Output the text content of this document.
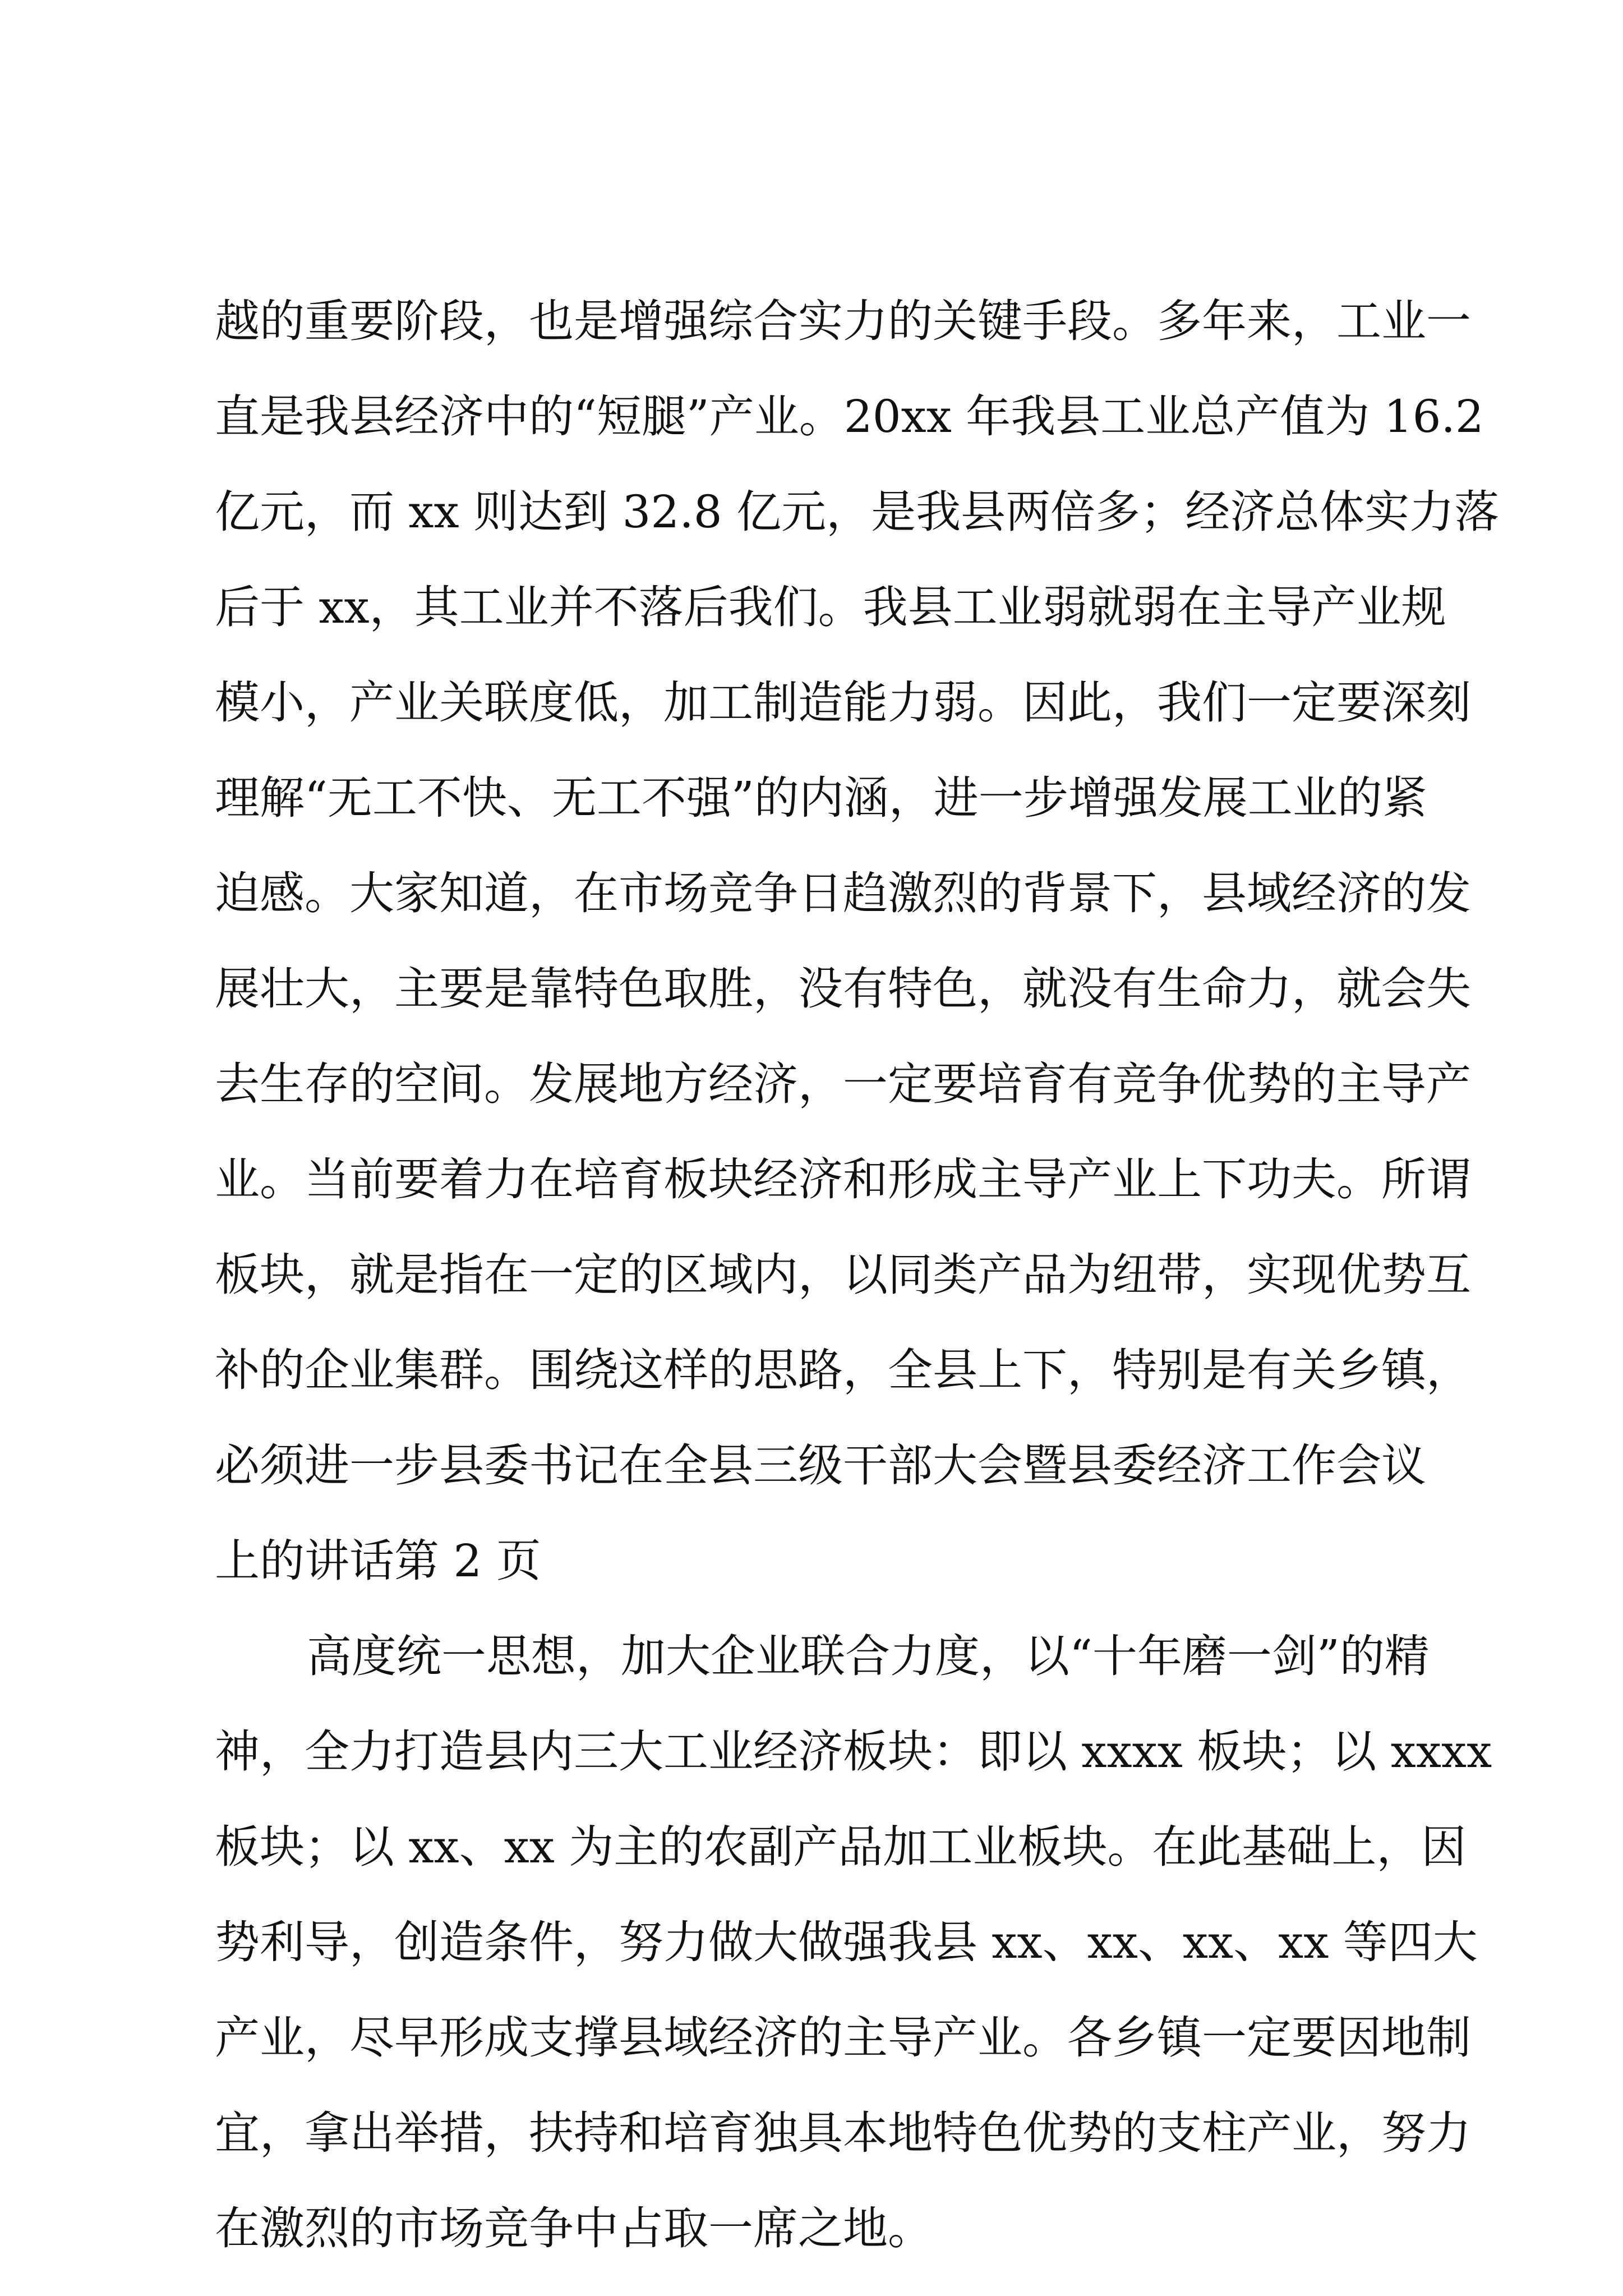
越的重要阶段，也是增强综合实力的关键手段。多年来，工业一
直是我县经济中的“短腿”产业。20xx 年我县工业总产值为 16.2
亿元，而 xx 则达到 32.8 亿元，是我县两倍多；经济总体实力落
后于 xx，其工业并不落后我们。我县工业弱就弱在主导产业规
模小，产业关联度低，加工制造能力弱。因此，我们一定要深刻
理解“无工不快、无工不强”的内涵，进一步增强发展工业的紧
迫感。大家知道，在市场竞争日趋激烈的背景下，县域经济的发
展壮大，主要是靠特色取胜，没有特色，就没有生命力，就会失
去生存的空间。发展地方经济，一定要培育有竞争优势的主导产
业。当前要着力在培育板块经济和形成主导产业上下功夫。所谓
板块，就是指在一定的区域内，以同类产品为纽带，实现优势互
补的企业集群。围绕这样的思路，全县上下，特别是有关乡镇，
必须进一步县委书记在全县三级干部大会暨县委经济工作会议
上的讲话第 2 页
高度统一思想，加大企业联合力度，以“十年磨一剑”的精
神，全力打造县内三大工业经济板块：即以 xxxx 板块；以 xxxx
板块；以 xx、xx 为主的农副产品加工业板块。在此基础上，因
势利导，创造条件，努力做大做强我县 xx、xx、xx、xx 等四大
产业，尽早形成支撑县域经济的主导产业。各乡镇一定要因地制
宜，拿出举措，扶持和培育独具本地特色优势的支柱产业，努力
在激烈的市场竞争中占取一席之地。
